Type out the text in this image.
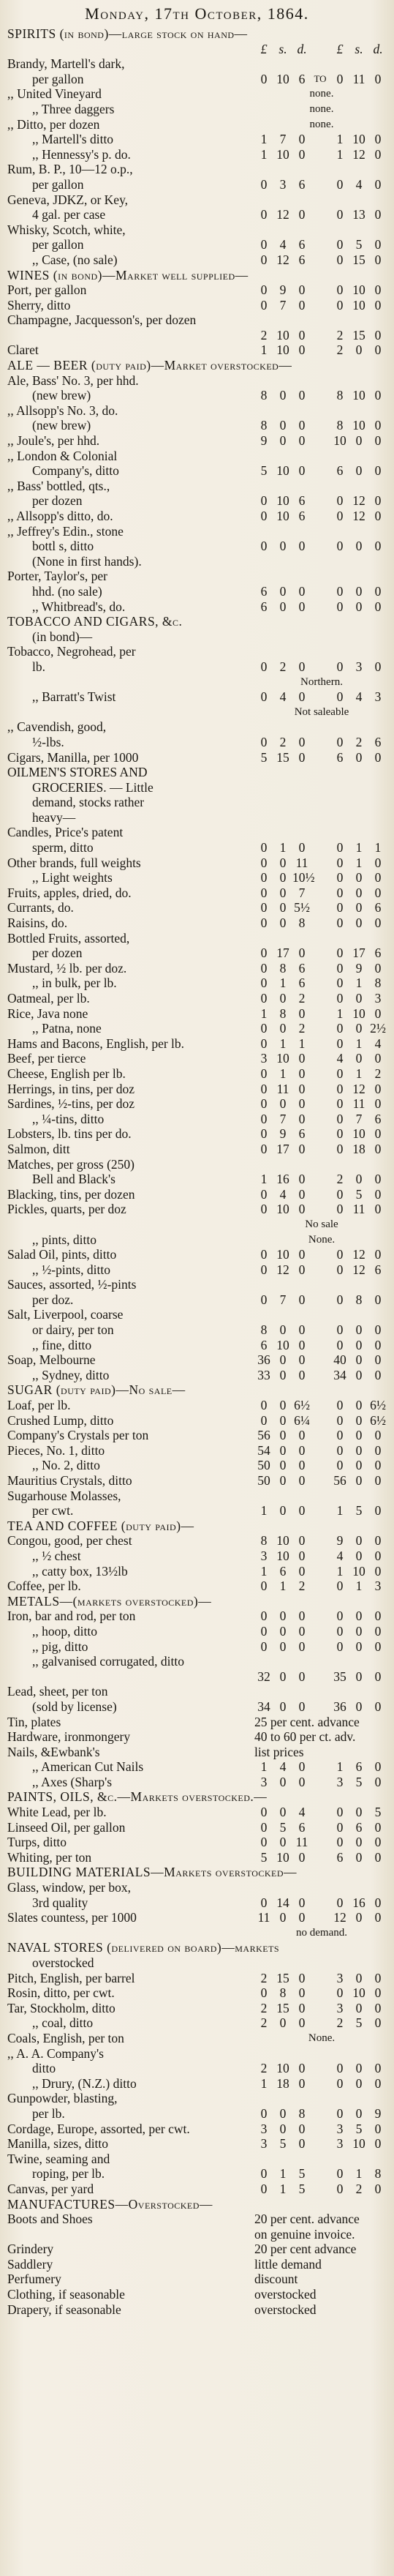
Monday, 17th October, 1864.
SPIRITS (in bond)—large stock on hand—
£ s. d.	£ s. d.
Brandy, Martell's dark,
per gallon	0 10 6 TO 0 11 0
,, United Vineyard	none.
,, Three daggers	none.
,, Ditto, per dozen	none.
,, Martell's ditto	1 7 0	1 10 0
,, Hennessy's p. do.	1 10 0	1 12 0
Rum, B. P., 10—12 o.p.,
per gallon	0 3 6	0 4 0
Geneva, JDKZ, or Key,
4 gal. per case	0 12 0	0 13 0
Whisky, Scotch, white,
per gallon	0 4 6	0 5 0
,, Case, (no sale)	0 12 6	0 15 0
WINES (in bond)—Market well supplied—
Port, per gallon	0 9 0	0 10 0
Sherry, ditto	0 7 0	0 10 0
Champagne, Jacquesson's, per dozen
2 10 0	2 15 0
Claret	1 10 0	2 0 0
ALE — BEER (duty paid)—Market overstocked—
Ale, Bass' No. 3, per hhd.
(new brew)	8 0 0	8 10 0
,, Allsopp's No. 3, do.
(new brew)	8 0 0	8 10 0
,, Joule's, per hhd.	9 0 0	10 0 0
,, London & Colonial
Company's, ditto	5 10 0	6 0 0
,, Bass' bottled, qts.,
per dozen	0 10 6	0 12 0
,, Allsopp's ditto, do.	0 10 6	0 12 0
,, Jeffrey's Edin., stone
bottl s, ditto	0 0 0	0 0 0
(None in first hands).
Porter, Taylor's, per
hhd. (no sale)	6 0 0	0 0 0
,, Whitbread's, do.	6 0 0	0 0 0
TOBACCO AND CIGARS, &c.
(in bond)—
Tobacco, Negrohead, per
lb.	0 2 0	0 3 0
Northern.
,, Barratt's Twist	0 4 0	0 4 3
Not saleable
,, Cavendish, good,
½-lbs.	0 2 0	0 2 6
Cigars, Manilla, per 1000	5 15 0	6 0 0
OILMEN'S STORES AND
GROCERIES. — Little
demand, stocks rather
heavy—
Candles, Price's patent
sperm, ditto	0 1 0	0 1 1
Other brands, full weights	0 0 11	0 1 0
,, Light weights	0 0 10½	0 0 0
Fruits, apples, dried, do.	0 0 7	0 0 0
Currants, do.	0 0 5½	0 0 6
Raisins, do.	0 0 8	0 0 0
Bottled Fruits, assorted,
per dozen	0 17 0	0 17 6
Mustard, ½ lb. per doz.	0 8 6	0 9 0
,, in bulk, per lb.	0 1 6	0 1 8
Oatmeal, per lb.	0 0 2	0 0 3
Rice, Java none	1 8 0	1 10 0
,, Patna, none	0 0 2	0 0 2½
Hams and Bacons, English, per lb.	0 1 1	0 1 4
Beef, per tierce	3 10 0	4 0 0
Cheese, English per lb.	0 1 0	0 1 2
Herrings, in tins, per doz	0 11 0	0 12 0
Sardines, ½-tins, per doz	0 0 0	0 11 0
,, ¼-tins, ditto	0 7 0	0 7 6
Lobsters, lb. tins per do.	0 9 6	0 10 0
Salmon, ditt	0 17 0	0 18 0
Matches, per gross (250)
Bell and Black's	1 16 0	2 0 0
Blacking, tins, per dozen	0 4 0	0 5 0
Pickles, quarts, per doz	0 10 0	0 11 0
No sale
,, pints, ditto	None.
Salad Oil, pints, ditto	0 10 0	0 12 0
,, ½-pints, ditto	0 12 0	0 12 6
Sauces, assorted, ½-pints
per doz.	0 7 0	0 8 0
Salt, Liverpool, coarse
or dairy, per ton	8 0 0	0 0 0
,, fine, ditto	6 10 0	0 0 0
Soap, Melbourne	36 0 0	40 0 0
,, Sydney, ditto	33 0 0	34 0 0
SUGAR (duty paid)—No sale—
Loaf, per lb.	0 0 6½	0 0 6½
Crushed Lump, ditto	0 0 6¼	0 0 6½
Company's Crystals per ton	56 0 0	0 0 0
Pieces, No. 1, ditto	54 0 0	0 0 0
,, No. 2, ditto	50 0 0	0 0 0
Mauritius Crystals, ditto	50 0 0	56 0 0
Sugarhouse Molasses,
per cwt.	1 0 0	1 5 0
TEA AND COFFEE (duty paid)—
Congou, good, per chest	8 10 0	9 0 0
,, ½ chest	3 10 0	4 0 0
,, catty box, 13½lb	1 6 0	1 10 0
Coffee, per lb.	0 1 2	0 1 3
METALS—(markets overstocked)—
Iron, bar and rod, per ton	0 0 0	0 0 0
,, hoop, ditto	0 0 0	0 0 0
,, pig, ditto	0 0 0	0 0 0
,, galvanised corrugated, ditto
32 0 0	35 0 0
Lead, sheet, per ton
(sold by license)	34 0 0	36 0 0
Tin, plates	25 per cent. advance
Hardware, ironmongery	40 to 60 per ct. adv.
Nails, &Ewbank's	list prices
,, American Cut Nails	1 4 0	1 6 0
,, Axes (Sharp's	3 0 0	3 5 0
PAINTS, OILS, &c.—Markets overstocked.—
White Lead, per lb.	0 0 4	0 0 5
Linseed Oil, per gallon	0 5 6	0 6 0
Turps, ditto	0 0 11	0 0 0
Whiting, per ton	5 10 0	6 0 0
BUILDING MATERIALS—Markets overstocked—
Glass, window, per box,
3rd quality	0 14 0	0 16 0
Slates countess, per 1000	11 0 0	12 0 0
no demand.
NAVAL STORES (delivered on board)—markets
overstocked
Pitch, English, per barrel	2 15 0	3 0 0
Rosin, ditto, per cwt.	0 8 0	0 10 0
Tar, Stockholm, ditto	2 15 0	3 0 0
,, coal, ditto	2 0 0	2 5 0
Coals, English, per ton	None.
,, A. A. Company's
ditto	2 10 0	0 0 0
,, Drury, (N.Z.) ditto	1 18 0	0 0 0
Gunpowder, blasting,
per lb.	0 0 8	0 0 9
Cordage, Europe, assorted, per cwt.	3 0 0	3 5 0
Manilla, sizes, ditto	3 5 0	3 10 0
Twine, seaming and
roping, per lb.	0 1 5	0 1 8
Canvas, per yard	0 1 5	0 2 0
MANUFACTURES—Overstocked—
Boots and Shoes	20 per cent. advance
on genuine invoice.
Grindery	20 per cent advance
Saddlery	little demand
Perfumery	discount
Clothing, if seasonable	overstocked
Drapery, if seasonable	overstocked
